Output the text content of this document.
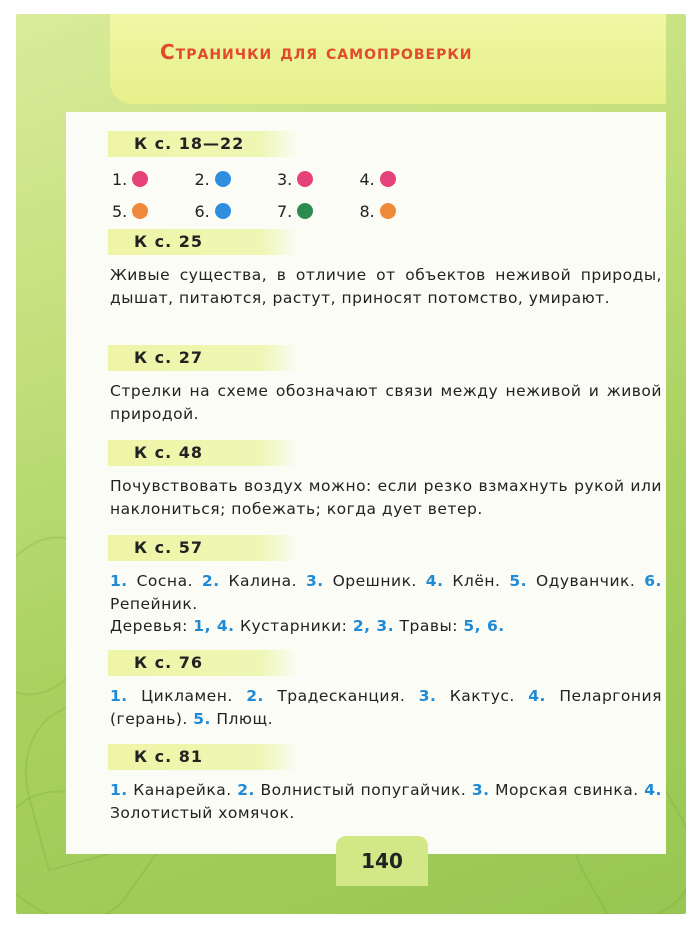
Странички для самопроверки
К с. 18—22
1.	2.	3.	4.
5.	6.	7.	8.
К с. 25
Живые существа, в отличие от объектов неживой природы, дышат, питаются, растут, приносят потомство, умирают.
К с. 27
Стрелки на схеме обозначают связи между неживой и живой природой.
К с. 48
Почувствовать воздух можно: если резко взмахнуть рукой или наклониться; побежать; когда дует ветер.
К с. 57
1. Сосна. 2. Калина. 3. Орешник. 4. Клён. 5. Одуванчик. 6. Репейник.
Деревья: 1, 4. Кустарники: 2, 3. Травы: 5, 6.
К с. 76
1. Цикламен. 2. Традесканция. 3. Кактус. 4. Пеларгония (герань). 5. Плющ.
К с. 81
1. Канарейка. 2. Волнистый попугайчик. 3. Морская свинка. 4. Золотистый хомячок.
140
